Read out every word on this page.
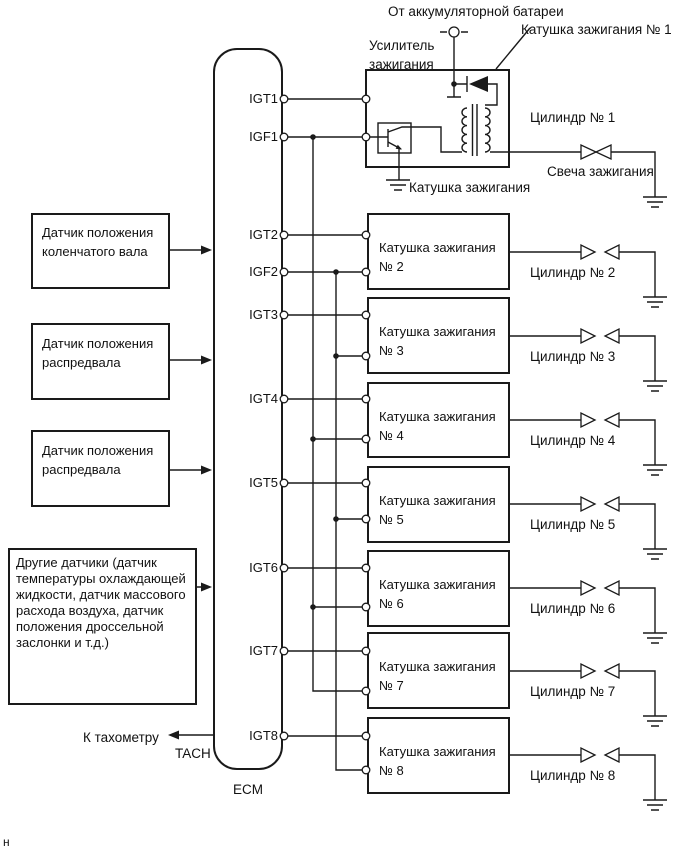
Датчик положения коленчатого вала
Датчик положения распредвала
Датчик положения распредвала
Другие датчики (датчик температуры охлаждающей жидкости, датчик массового расхода воздуха, датчик положения дроссельной заслонки и т.д.)
Катушка зажигания
№ 2
Катушка зажигания
№ 3
Катушка зажигания
№ 4
Катушка зажигания
№ 5
Катушка зажигания
№ 6
Катушка зажигания
№ 7
Катушка зажигания
№ 8
От аккумуляторной батареи
Катушка зажигания № 1
Усилитель зажигания
Цилиндр № 1
Свеча зажигания
Катушка зажигания
IGT1
IGF1
IGT2
IGF2
IGT3
IGT4
IGT5
IGT6
IGT7
IGT8
К тахометру
TACH
ECM
Цилиндр № 2
Цилиндр № 3
Цилиндр № 4
Цилиндр № 5
Цилиндр № 6
Цилиндр № 7
Цилиндр № 8
н
